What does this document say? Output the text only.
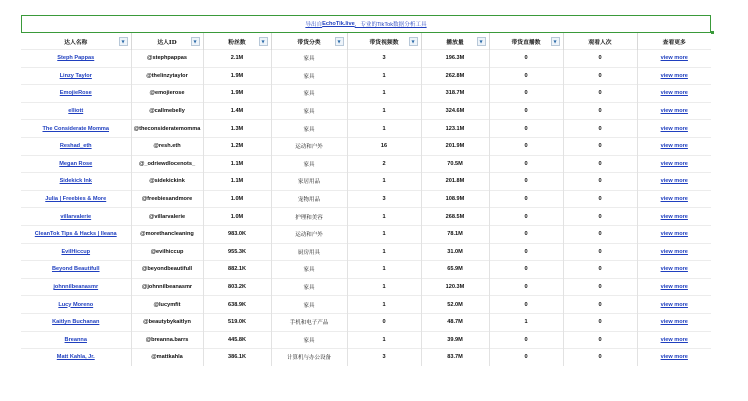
导出自 EchoTik.live ，专业的TikTok数据分析工具
达人名称 ▼	达人ID ▼	粉丝数 ▼	带货分类 ▼	带货视频数 ▼	播放量 ▼	带货直播数 ▼	观看人次	查看更多
Steph Pappas	@stephpappas	2.1M	家具	3	196.3M	0	0	view more
Linzy Taylor	@thelinzytaylor	1.9M	家具	1	262.8M	0	0	view more
EmojieRose	@emojierose	1.9M	家具	1	318.7M	0	0	view more
elliott	@callmebelly	1.4M	家具	1	324.6M	0	0	view more
The Considerate Momma	@theconsideratemomma	1.3M	家具	1	123.1M	0	0	view more
Reshad_eth	@resh.eth	1.2M	运动和户外	16	201.9M	0	0	view more
Megan Rose	@_odriewdlocenots_	1.1M	家具	2	70.5M	0	0	view more
Sidekick Ink	@sidekickink	1.1M	家居用品	1	201.8M	0	0	view more
Julia | Freebies & More	@freebiesandmore	1.0M	宠物用品	3	108.9M	0	0	view more
villarvalerie	@villarvalerie	1.0M	护理和美容	1	268.5M	0	0	view more
CleanTok Tips & Hacks | Ileana	@morethancleaning	983.0K	运动和户外	1	78.1M	0	0	view more
EvilHiccup	@evilhiccup	955.3K	厨房用具	1	31.0M	0	0	view more
Beyond Beautifull	@beyondbeautifull	882.1K	家具	1	65.9M	0	0	view more
johnnilbeanasmr	@johnnilbeanasmr	803.2K	家具	1	120.3M	0	0	view more
Lucy Moreno	@lucymfit	638.9K	家具	1	52.0M	0	0	view more
Kaitlyn Buchanan	@beautybykaitlyn	519.0K	手机和电子产品	0	48.7M	1	0	view more
Breanna	@breanna.barrs	445.8K	家具	1	39.9M	0	0	view more
Matt Kahla, Jr.	@mattkahla	386.1K	计算机与办公设备	3	83.7M	0	0	view more
